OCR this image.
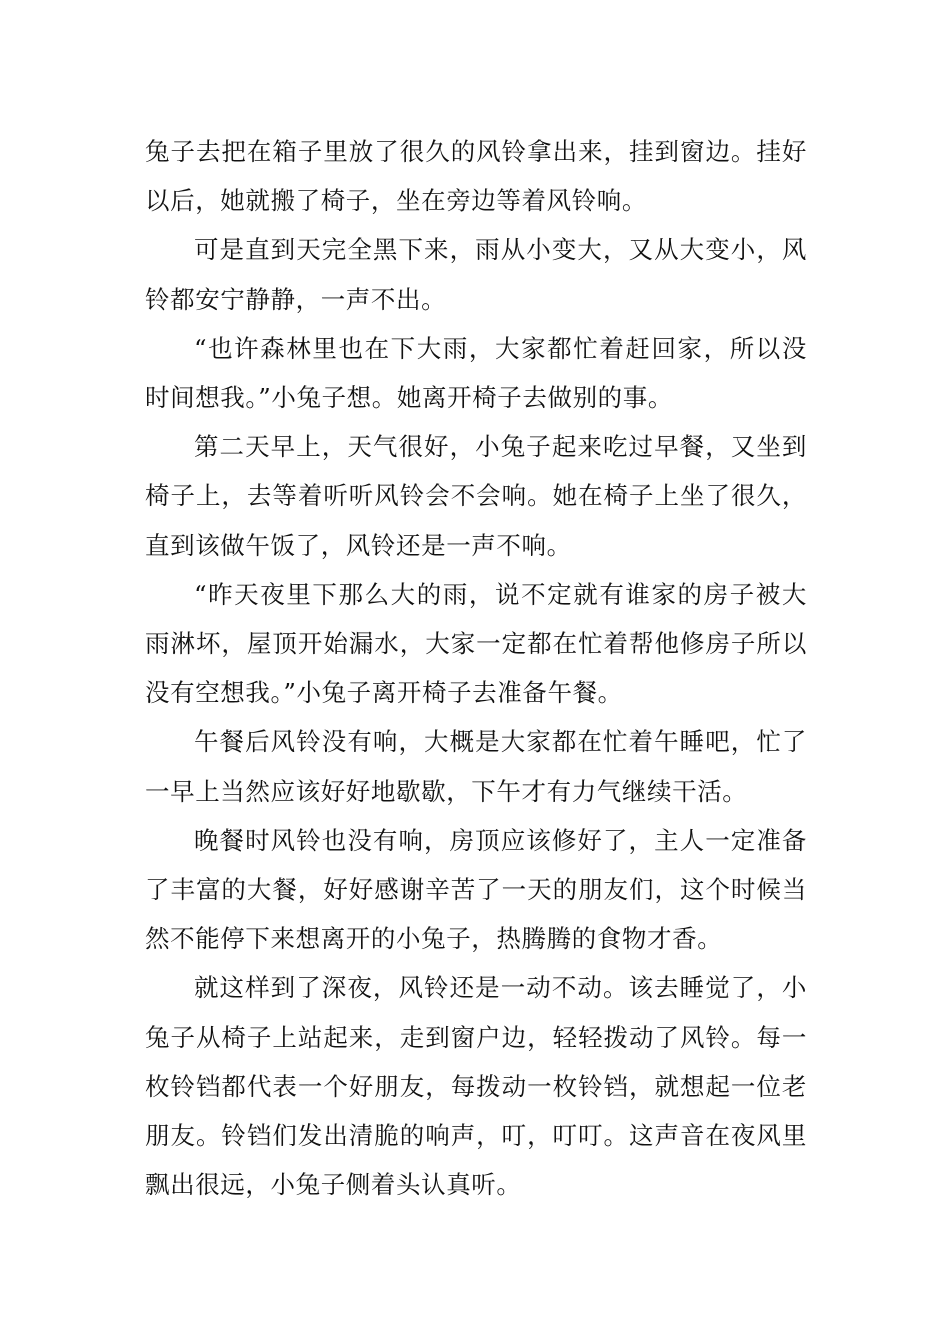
兔子去把在箱子里放了很久的风铃拿出来，挂到窗边。挂好以后，她就搬了椅子，坐在旁边等着风铃响。

可是直到天完全黑下来，雨从小变大，又从大变小，风铃都安宁静静，一声不出。

“也许森林里也在下大雨，大家都忙着赶回家，所以没时间想我。”小兔子想。她离开椅子去做别的事。

第二天早上，天气很好，小兔子起来吃过早餐，又坐到椅子上，去等着听听风铃会不会响。她在椅子上坐了很久，直到该做午饭了，风铃还是一声不响。

“昨天夜里下那么大的雨，说不定就有谁家的房子被大雨淋坏，屋顶开始漏水，大家一定都在忙着帮他修房子所以没有空想我。”小兔子离开椅子去准备午餐。

午餐后风铃没有响，大概是大家都在忙着午睡吧，忙了一早上当然应该好好地歇歇，下午才有力气继续干活。

晚餐时风铃也没有响，房顶应该修好了，主人一定准备了丰富的大餐，好好感谢辛苦了一天的朋友们，这个时候当然不能停下来想离开的小兔子，热腾腾的食物才香。

就这样到了深夜，风铃还是一动不动。该去睡觉了，小兔子从椅子上站起来，走到窗户边，轻轻拨动了风铃。每一枚铃铛都代表一个好朋友，每拨动一枚铃铛，就想起一位老朋友。铃铛们发出清脆的响声，叮，叮叮。这声音在夜风里飘出很远，小兔子侧着头认真听。
